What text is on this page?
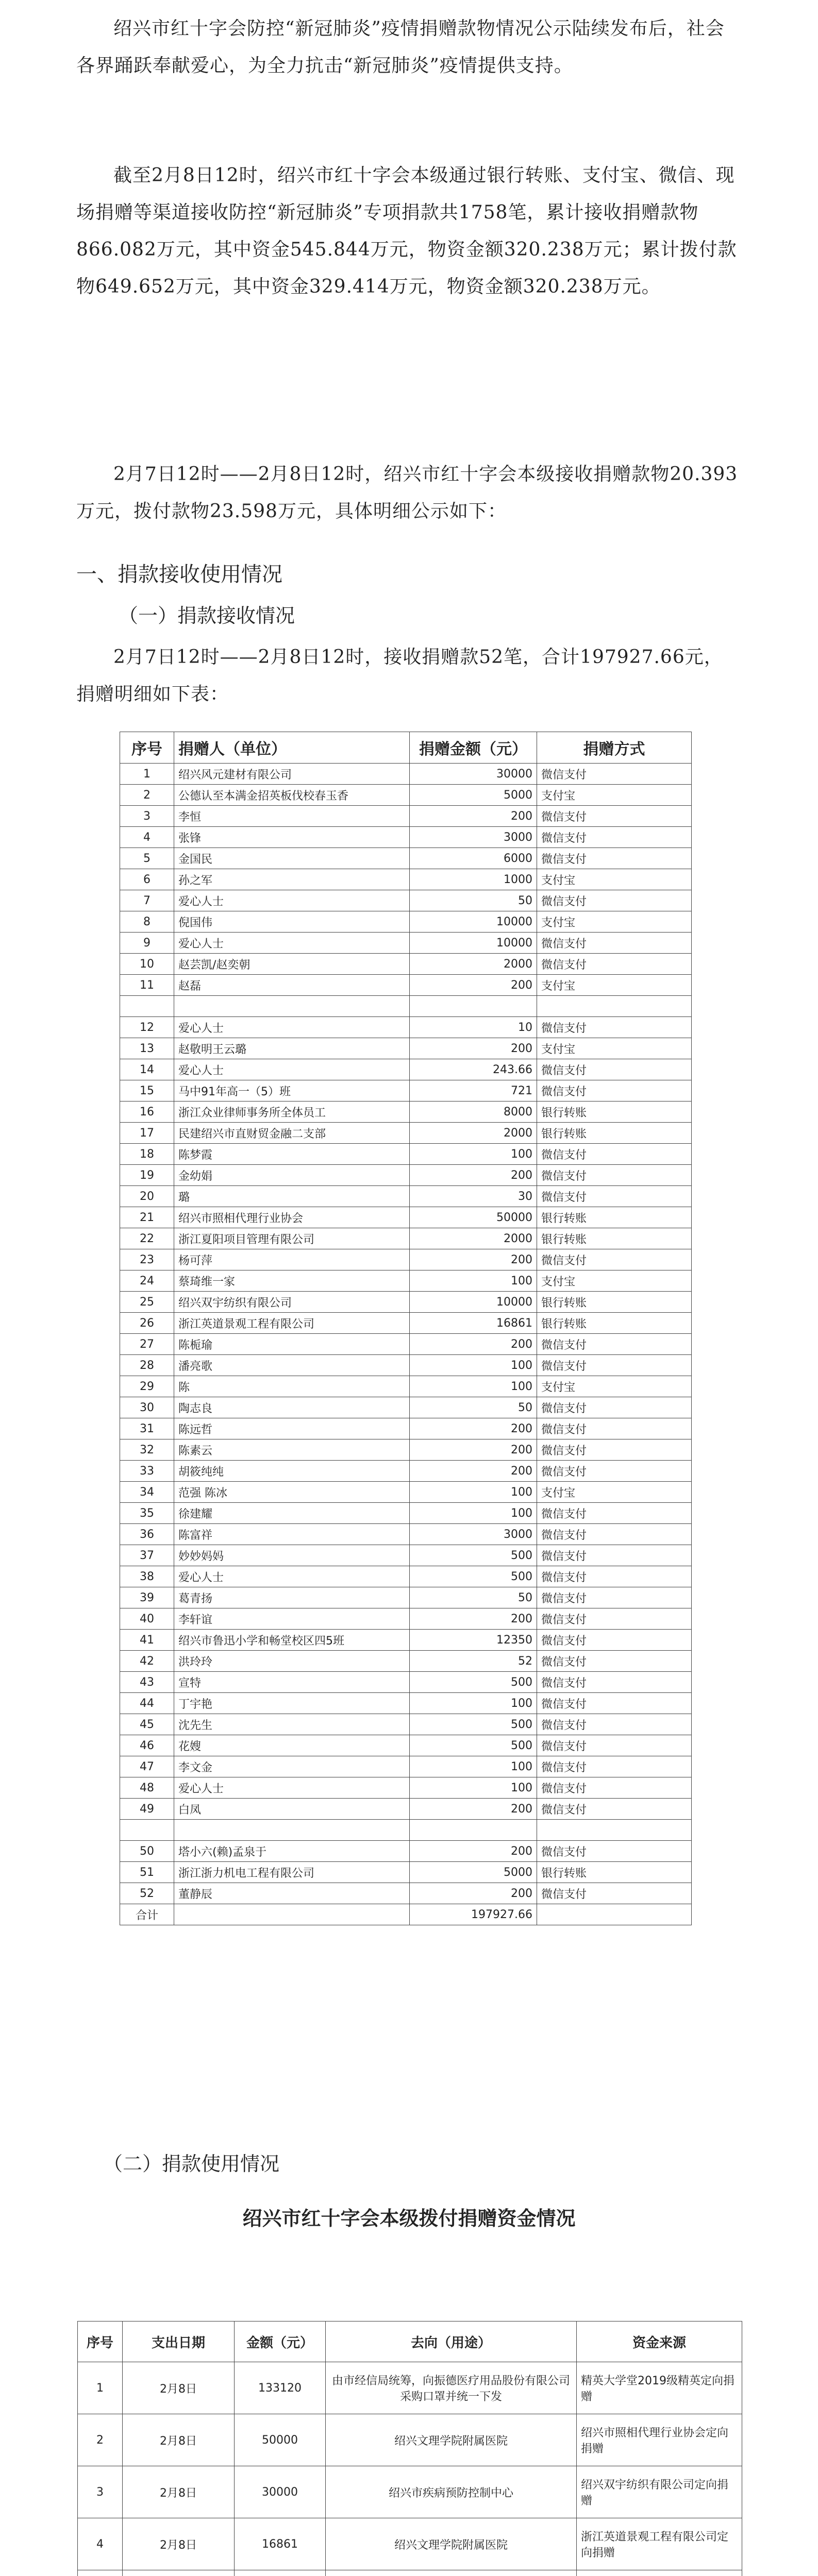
绍兴市红十字会防控“新冠肺炎”疫情捐赠款物情况公示陆续发布后，社会各界踊跃奉献爱心，为全力抗击“新冠肺炎”疫情提供支持。

截至2月8日12时，绍兴市红十字会本级通过银行转账、支付宝、微信、现场捐赠等渠道接收防控“新冠肺炎”专项捐款共1758笔，累计接收捐赠款物866.082万元，其中资金545.844万元，物资金额320.238万元；累计拨付款物649.652万元，其中资金329.414万元，物资金额320.238万元。

2月7日12时——2月8日12时，绍兴市红十字会本级接收捐赠款物20.393万元，拨付款物23.598万元，具体明细公示如下：

一、捐款接收使用情况

（一）捐款接收情况

2月7日12时——2月8日12时，接收捐赠款52笔，合计197927.66元，捐赠明细如下表：

序号	捐赠人（单位）	捐赠金额（元）	捐赠方式
1	绍兴风元建材有限公司	30000	微信支付
2	公德认至本满金招英板伐校春玉香	5000	支付宝
3	李恒	200	微信支付
4	张锋	3000	微信支付
5	金国民	6000	微信支付
6	孙之军	1000	支付宝
7	爱心人士	50	微信支付
8	倪国伟	10000	支付宝
9	爱心人士	10000	微信支付
10	赵芸凯/赵奕朝	2000	微信支付
11	赵磊	200	支付宝

12	爱心人士	10	微信支付
13	赵敬明王云璐	200	支付宝
14	爱心人士	243.66	微信支付
15	马中91年高一（5）班	721	微信支付
16	浙江众业律师事务所全体员工	8000	银行转账
17	民建绍兴市直财贸金融二支部	2000	银行转账
18	陈梦霞	100	微信支付
19	金幼娟	200	微信支付
20	璐	30	微信支付
21	绍兴市照相代理行业协会	50000	银行转账
22	浙江夏阳项目管理有限公司	2000	银行转账
23	杨可萍	200	微信支付
24	蔡琦维一家	100	支付宝
25	绍兴双宇纺织有限公司	10000	银行转账
26	浙江英道景观工程有限公司	16861	银行转账
27	陈栀瑜	200	微信支付
28	潘亮歌	100	微信支付
29	陈	100	支付宝
30	陶志良	50	微信支付
31	陈远哲	200	微信支付
32	陈素云	200	微信支付
33	胡筱纯纯	200	微信支付
34	范强 陈冰	100	支付宝
35	徐建耀	100	微信支付
36	陈富祥	3000	微信支付
37	妙妙妈妈	500	微信支付
38	爱心人士	500	微信支付
39	葛青扬	50	微信支付
40	李轩谊	200	微信支付
41	绍兴市鲁迅小学和畅堂校区四5班	12350	微信支付
42	洪玲玲	52	微信支付
43	宣特	500	微信支付
44	丁宇艳	100	微信支付
45	沈先生	500	微信支付
46	花嫂	500	微信支付
47	李文金	100	微信支付
48	爱心人士	100	微信支付
49	白凤	200	微信支付

50	塔小六(赖)孟泉于	200	微信支付
51	浙江浙力机电工程有限公司	5000	银行转账
52	董静辰	200	微信支付
合计		197927.66	

（二）捐款使用情况

绍兴市红十字会本级拨付捐赠资金情况

序号	支出日期	金额（元）	去向（用途）	资金来源
1	2月8日	133120	由市经信局统筹，向振德医疗用品股份有限公司采购口罩并统一下发	精英大学堂2019级精英定向捐赠
2	2月8日	50000	绍兴文理学院附属医院	绍兴市照相代理行业协会定向捐赠
3	2月8日	30000	绍兴市疾病预防控制中心	绍兴双宇纺织有限公司定向捐赠
4	2月8日	16861	绍兴文理学院附属医院	浙江英道景观工程有限公司定向捐赠
